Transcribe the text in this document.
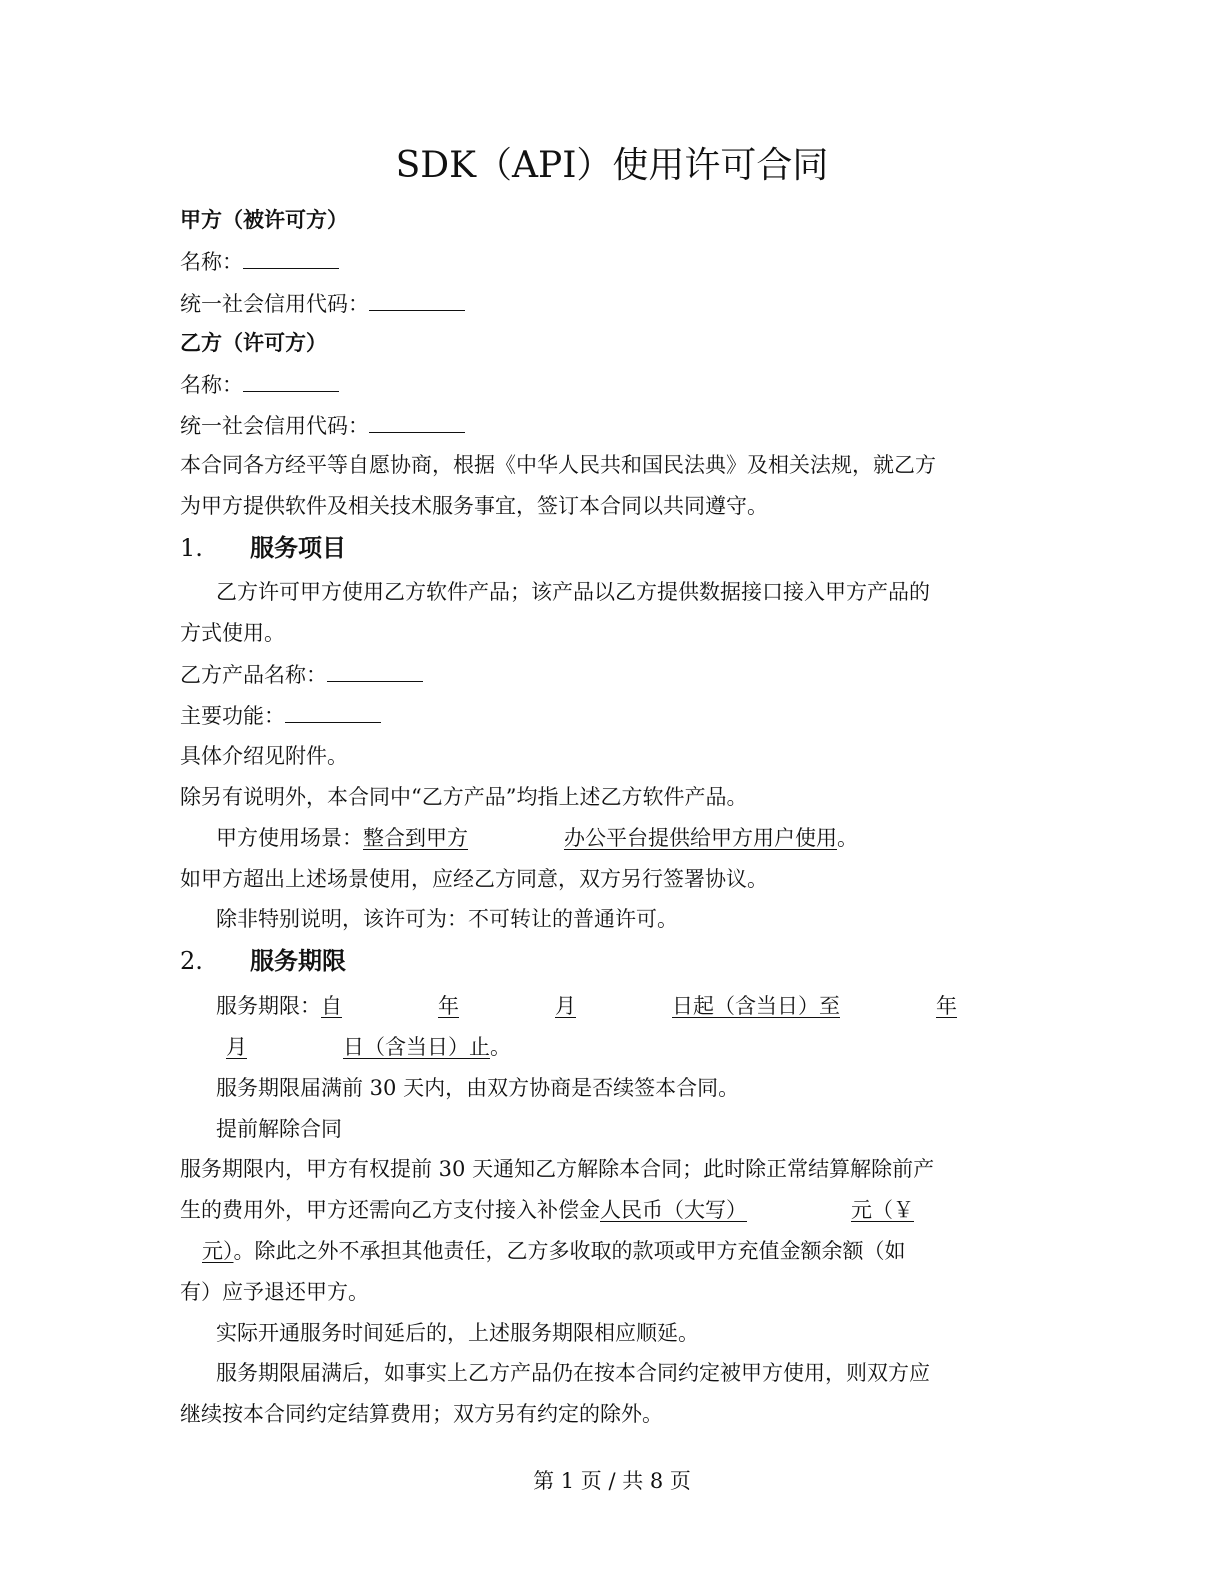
SDK（API）使用许可合同
甲方（被许可方）
名称：
统一社会信用代码：
乙方（许可方）
名称：
统一社会信用代码：
本合同各方经平等自愿协商，根据《中华人民共和国民法典》及相关法规，就乙方
为甲方提供软件及相关技术服务事宜，签订本合同以共同遵守。
1. 服务项目
乙方许可甲方使用乙方软件产品；该产品以乙方提供数据接口接入甲方产品的
方式使用。
乙方产品名称：
主要功能：
具体介绍见附件。
除另有说明外，本合同中“乙方产品”均指上述乙方软件产品。
甲方使用场景：整合到甲方	办公平台提供给甲方用户使用。
如甲方超出上述场景使用，应经乙方同意，双方另行签署协议。
除非特别说明，该许可为：不可转让的普通许可。
2. 服务期限
服务期限：自	年	月	日起（含当日）至	年
月	日（含当日）止。
服务期限届满前 30 天内，由双方协商是否续签本合同。
提前解除合同
服务期限内，甲方有权提前 30 天通知乙方解除本合同；此时除正常结算解除前产
生的费用外，甲方还需向乙方支付接入补偿金人民币（大写）	元（￥
元）。除此之外不承担其他责任，乙方多收取的款项或甲方充值金额余额（如
有）应予退还甲方。
实际开通服务时间延后的，上述服务期限相应顺延。
服务期限届满后，如事实上乙方产品仍在按本合同约定被甲方使用，则双方应
继续按本合同约定结算费用；双方另有约定的除外。
第 1 页 / 共 8 页
